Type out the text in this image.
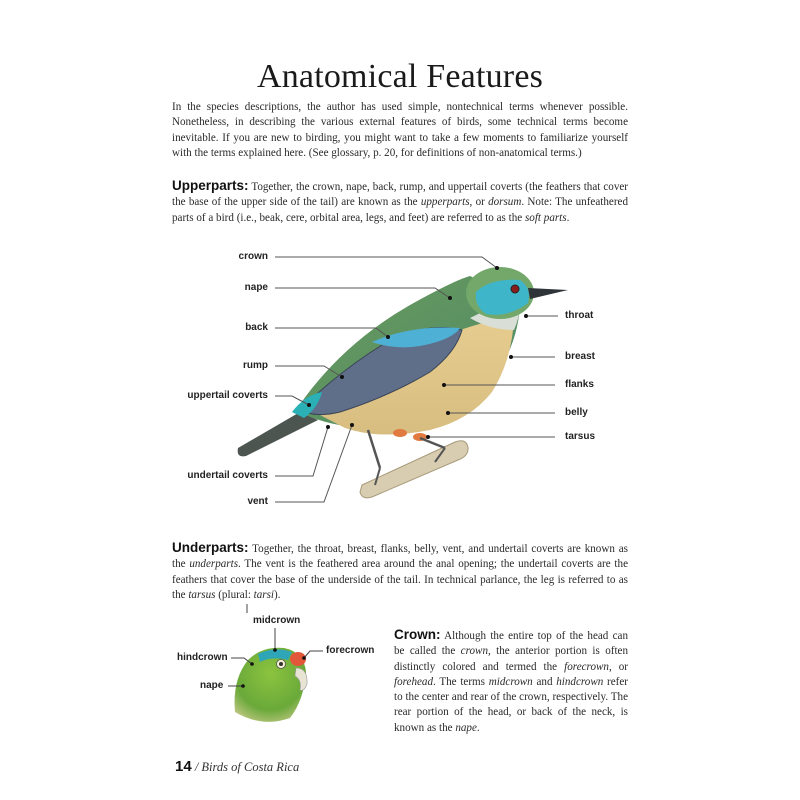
Anatomical Features
In the species descriptions, the author has used simple, nontechnical terms whenever possible. Nonetheless, in describing the various external features of birds, some technical terms become inevitable. If you are new to birding, you might want to take a few moments to familiarize yourself with the terms explained here. (See glossary, p. 20, for definitions of non-anatomical terms.)
Upperparts: Together, the crown, nape, back, rump, and uppertail coverts (the feathers that cover the base of the upper side of the tail) are known as the upperparts, or dorsum. Note: The unfeathered parts of a bird (i.e., beak, cere, orbital area, legs, and feet) are referred to as the soft parts.
crown
nape
back
rump
uppertail coverts
undertail coverts
vent
throat
breast
flanks
belly
tarsus
Underparts: Together, the throat, breast, flanks, belly, vent, and undertail coverts are known as the underparts. The vent is the feathered area around the anal opening; the undertail coverts are the feathers that cover the base of the underside of the tail. In technical parlance, the leg is referred to as the tarsus (plural: tarsi).
midcrown
hindcrown
forecrown
nape
Crown: Although the entire top of the head can be called the crown, the anterior portion is often distinctly colored and termed the forecrown, or forehead. The terms midcrown and hindcrown refer to the center and rear of the crown, respectively. The rear portion of the head, or back of the neck, is known as the nape.
14 / Birds of Costa Rica
